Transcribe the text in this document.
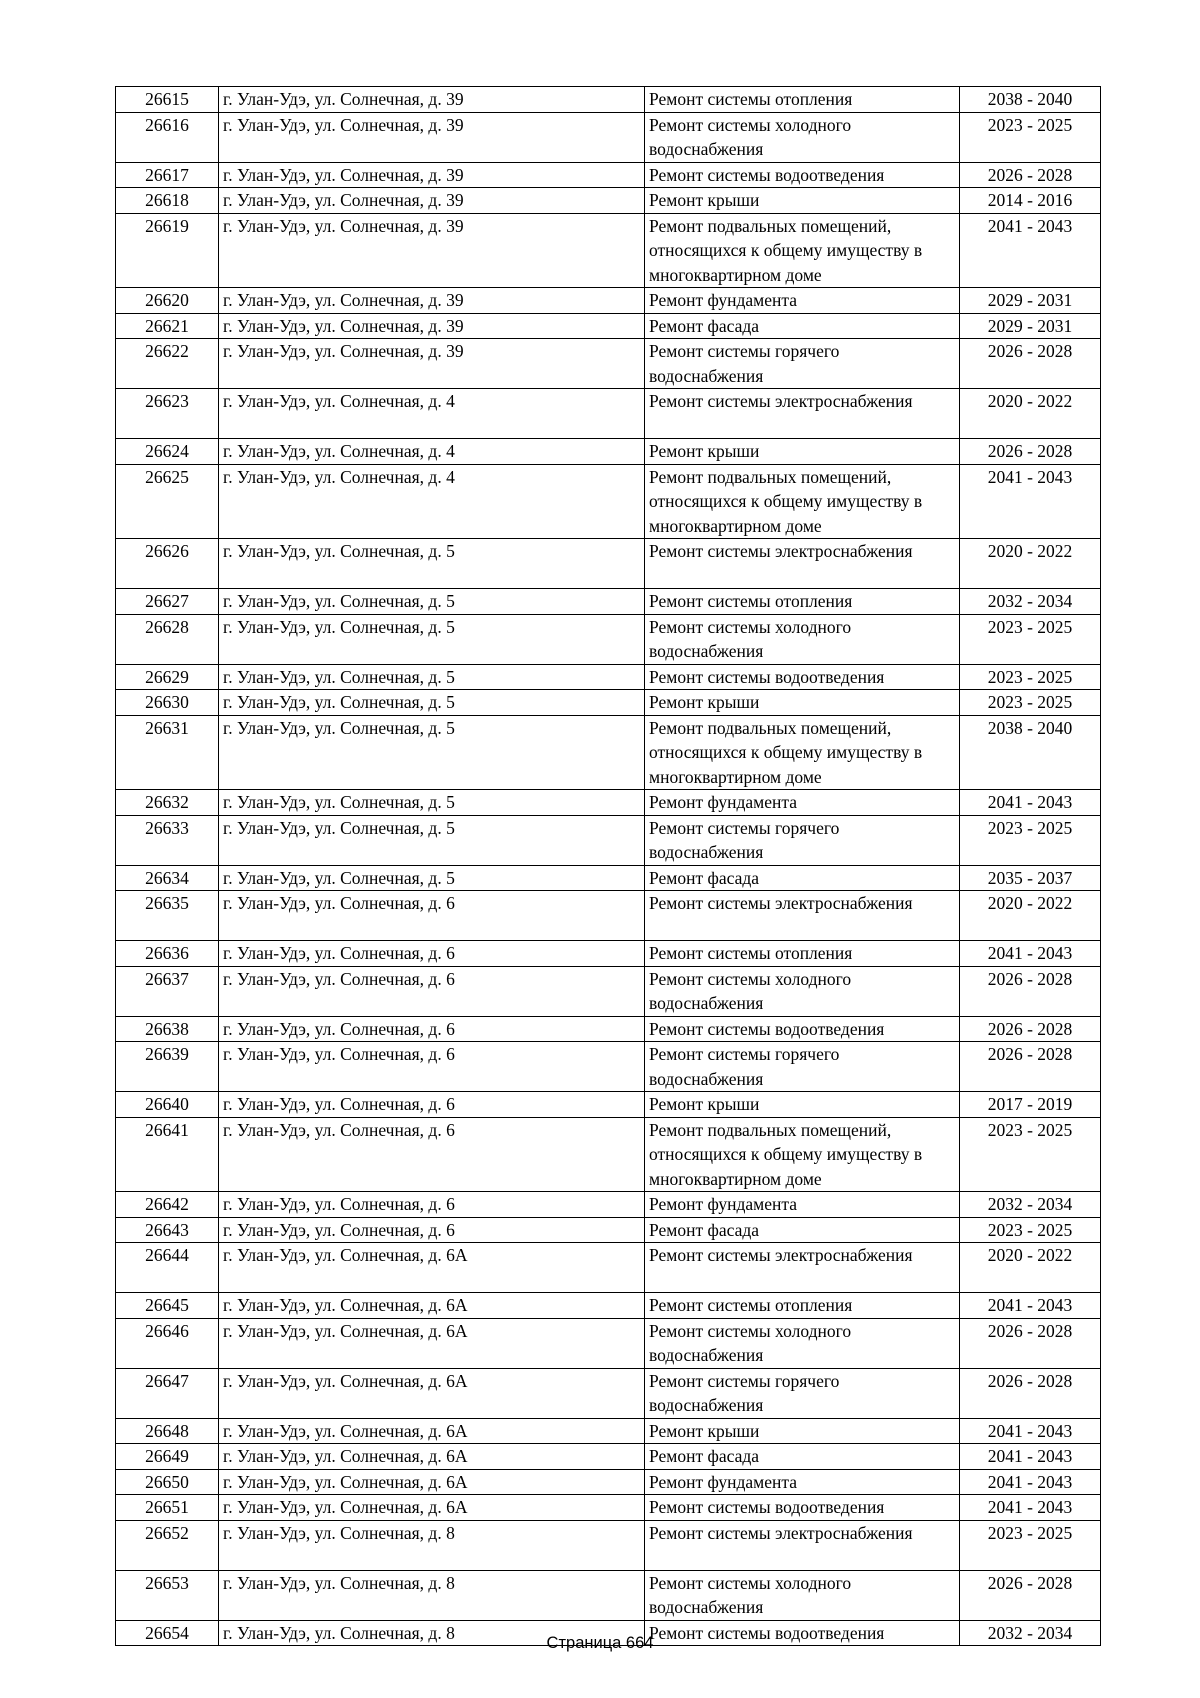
26615	г. Улан-Удэ, ул. Солнечная, д. 39	Ремонт системы отопления	2038 - 2040
26616	г. Улан-Удэ, ул. Солнечная, д. 39	Ремонт системы холодного водоснабжения	2023 - 2025
26617	г. Улан-Удэ, ул. Солнечная, д. 39	Ремонт системы водоотведения	2026 - 2028
26618	г. Улан-Удэ, ул. Солнечная, д. 39	Ремонт крыши	2014 - 2016
26619	г. Улан-Удэ, ул. Солнечная, д. 39	Ремонт подвальных помещений, относящихся к общему имуществу в многоквартирном доме	2041 - 2043
26620	г. Улан-Удэ, ул. Солнечная, д. 39	Ремонт фундамента	2029 - 2031
26621	г. Улан-Удэ, ул. Солнечная, д. 39	Ремонт фасада	2029 - 2031
26622	г. Улан-Удэ, ул. Солнечная, д. 39	Ремонт системы горячего водоснабжения	2026 - 2028
26623	г. Улан-Удэ, ул. Солнечная, д. 4	Ремонт системы электроснабжения	2020 - 2022
26624	г. Улан-Удэ, ул. Солнечная, д. 4	Ремонт крыши	2026 - 2028
26625	г. Улан-Удэ, ул. Солнечная, д. 4	Ремонт подвальных помещений, относящихся к общему имуществу в многоквартирном доме	2041 - 2043
26626	г. Улан-Удэ, ул. Солнечная, д. 5	Ремонт системы электроснабжения	2020 - 2022
26627	г. Улан-Удэ, ул. Солнечная, д. 5	Ремонт системы отопления	2032 - 2034
26628	г. Улан-Удэ, ул. Солнечная, д. 5	Ремонт системы холодного водоснабжения	2023 - 2025
26629	г. Улан-Удэ, ул. Солнечная, д. 5	Ремонт системы водоотведения	2023 - 2025
26630	г. Улан-Удэ, ул. Солнечная, д. 5	Ремонт крыши	2023 - 2025
26631	г. Улан-Удэ, ул. Солнечная, д. 5	Ремонт подвальных помещений, относящихся к общему имуществу в многоквартирном доме	2038 - 2040
26632	г. Улан-Удэ, ул. Солнечная, д. 5	Ремонт фундамента	2041 - 2043
26633	г. Улан-Удэ, ул. Солнечная, д. 5	Ремонт системы горячего водоснабжения	2023 - 2025
26634	г. Улан-Удэ, ул. Солнечная, д. 5	Ремонт фасада	2035 - 2037
26635	г. Улан-Удэ, ул. Солнечная, д. 6	Ремонт системы электроснабжения	2020 - 2022
26636	г. Улан-Удэ, ул. Солнечная, д. 6	Ремонт системы отопления	2041 - 2043
26637	г. Улан-Удэ, ул. Солнечная, д. 6	Ремонт системы холодного водоснабжения	2026 - 2028
26638	г. Улан-Удэ, ул. Солнечная, д. 6	Ремонт системы водоотведения	2026 - 2028
26639	г. Улан-Удэ, ул. Солнечная, д. 6	Ремонт системы горячего водоснабжения	2026 - 2028
26640	г. Улан-Удэ, ул. Солнечная, д. 6	Ремонт крыши	2017 - 2019
26641	г. Улан-Удэ, ул. Солнечная, д. 6	Ремонт подвальных помещений, относящихся к общему имуществу в многоквартирном доме	2023 - 2025
26642	г. Улан-Удэ, ул. Солнечная, д. 6	Ремонт фундамента	2032 - 2034
26643	г. Улан-Удэ, ул. Солнечная, д. 6	Ремонт фасада	2023 - 2025
26644	г. Улан-Удэ, ул. Солнечная, д. 6А	Ремонт системы электроснабжения	2020 - 2022
26645	г. Улан-Удэ, ул. Солнечная, д. 6А	Ремонт системы отопления	2041 - 2043
26646	г. Улан-Удэ, ул. Солнечная, д. 6А	Ремонт системы холодного водоснабжения	2026 - 2028
26647	г. Улан-Удэ, ул. Солнечная, д. 6А	Ремонт системы горячего водоснабжения	2026 - 2028
26648	г. Улан-Удэ, ул. Солнечная, д. 6А	Ремонт крыши	2041 - 2043
26649	г. Улан-Удэ, ул. Солнечная, д. 6А	Ремонт фасада	2041 - 2043
26650	г. Улан-Удэ, ул. Солнечная, д. 6А	Ремонт фундамента	2041 - 2043
26651	г. Улан-Удэ, ул. Солнечная, д. 6А	Ремонт системы водоотведения	2041 - 2043
26652	г. Улан-Удэ, ул. Солнечная, д. 8	Ремонт системы электроснабжения	2023 - 2025
26653	г. Улан-Удэ, ул. Солнечная, д. 8	Ремонт системы холодного водоснабжения	2026 - 2028
26654	г. Улан-Удэ, ул. Солнечная, д. 8	Ремонт системы водоотведения	2032 - 2034
Страница 664
